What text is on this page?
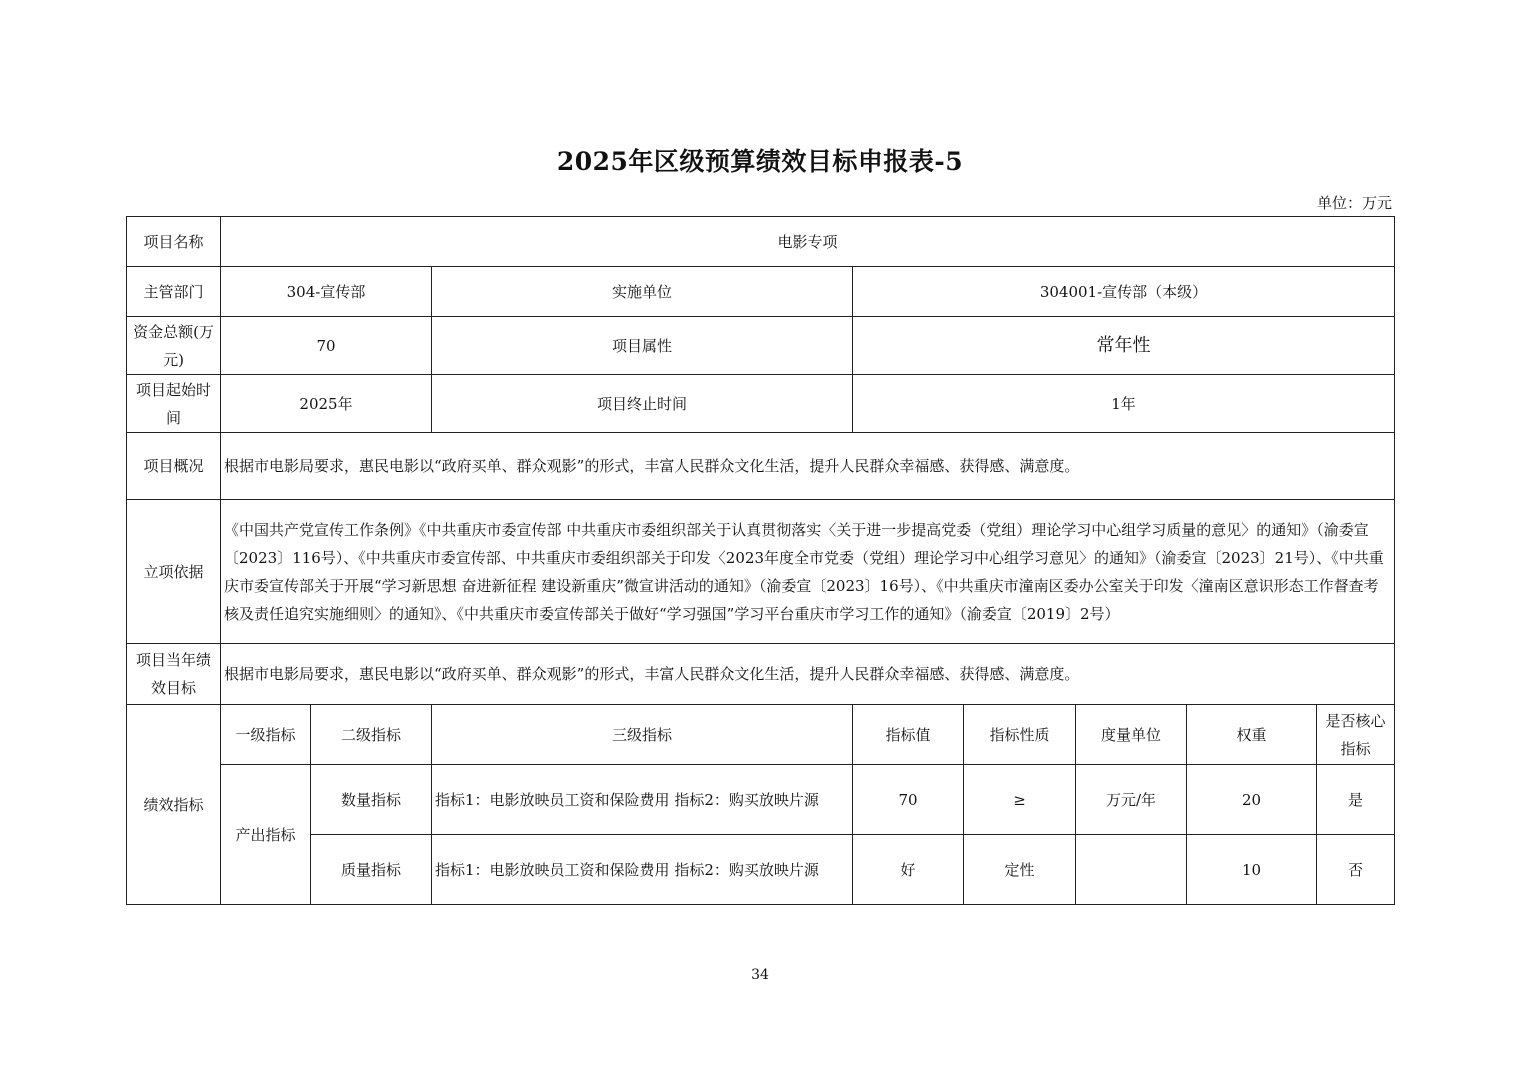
2025年区级预算绩效目标申报表-5
单位：万元
项目名称	电影专项							
主管部门	304-宣传部		实施单位	304001-宣传部（本级）				
资金总额(万元)	70		项目属性	常年性				
项目起始时间	2025年		项目终止时间	1年				
项目概况	根据市电影局要求，惠民电影以“政府买单、群众观影”的形式，丰富人民群众文化生活，提升人民群众幸福感、获得感、满意度。							
立项依据	《中国共产党宣传工作条例》《中共重庆市委宣传部 中共重庆市委组织部关于认真贯彻落实〈关于进一步提高党委（党组）理论学习中心组学习质量的意见〉的通知》（渝委宣〔2023〕116号）、《中共重庆市委宣传部、中共重庆市委组织部关于印发〈2023年度全市党委（党组）理论学习中心组学习意见〉的通知》（渝委宣〔2023〕21号）、《中共重庆市委宣传部关于开展“学习新思想 奋进新征程 建设新重庆”微宣讲活动的通知》（渝委宣〔2023〕16号）、《中共重庆市潼南区委办公室关于印发〈潼南区意识形态工作督查考核及责任追究实施细则〉的通知》、《中共重庆市委宣传部关于做好“学习强国”学习平台重庆市学习工作的通知》（渝委宣〔2019〕2号）							
项目当年绩效目标	根据市电影局要求，惠民电影以“政府买单、群众观影”的形式，丰富人民群众文化生活，提升人民群众幸福感、获得感、满意度。							
绩效指标	一级指标	二级指标	三级指标	指标值	指标性质	度量单位	权重	是否核心指标
	产出指标	数量指标	指标1：电影放映员工资和保险费用 指标2：购买放映片源	70	≥	万元/年	20	是
		质量指标	指标1：电影放映员工资和保险费用 指标2：购买放映片源	好	定性		10	否
34
